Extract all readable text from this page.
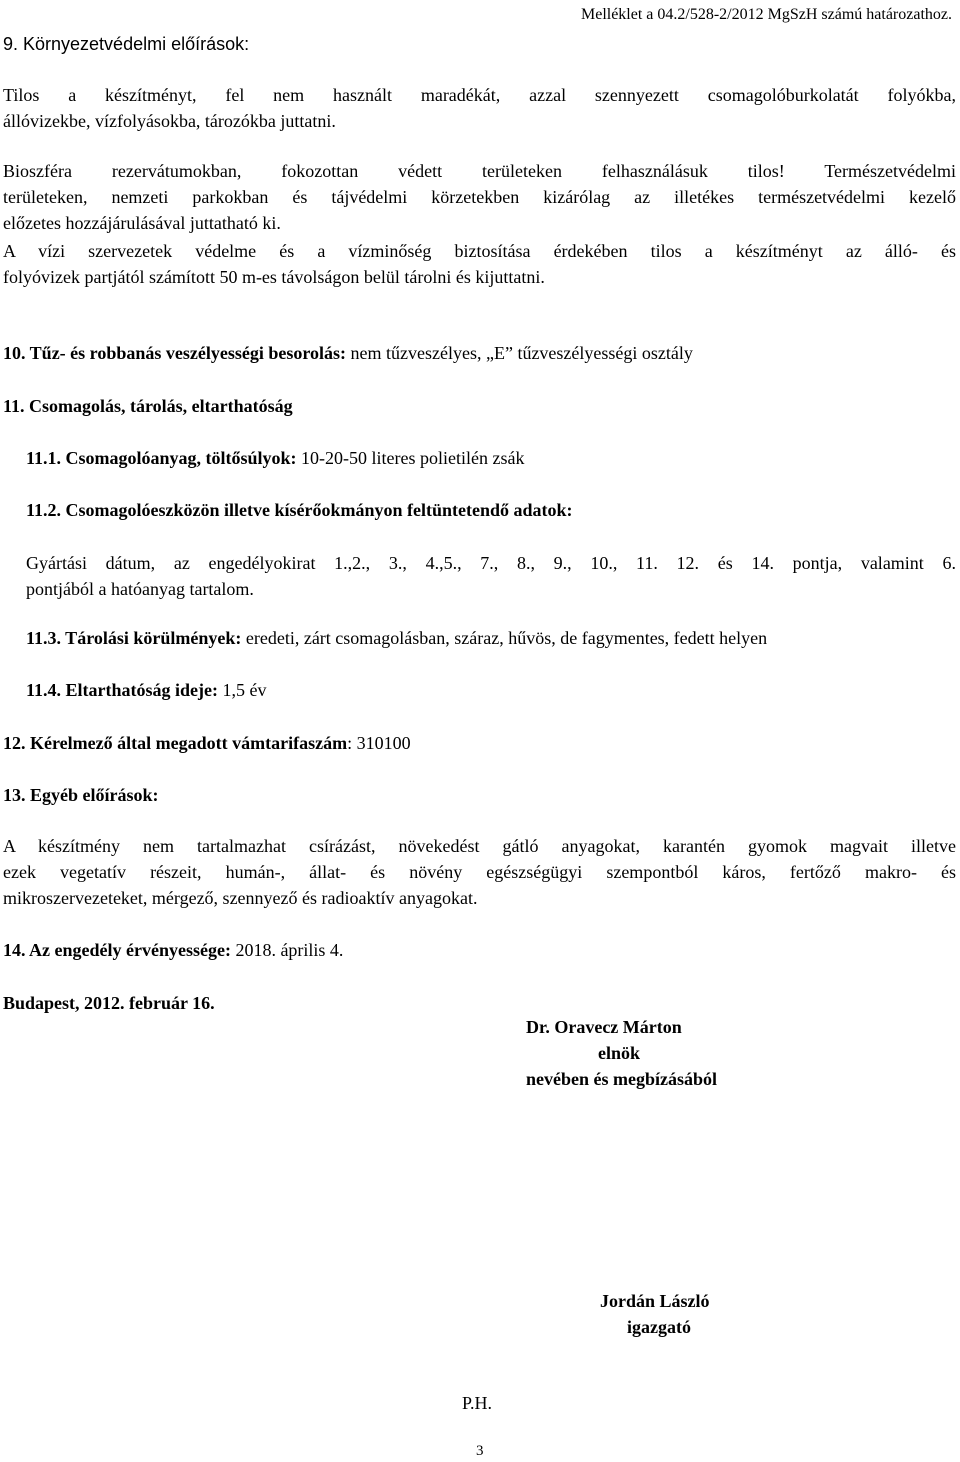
9. Környezetvédelmi előírások:

Melléklet a 04.2/528-2/2012 MgSzH számú határozathoz.

Tilos a készítményt, fel nem használt maradékát, azzal szennyezett csomagolóburkolatát folyókba,
állóvizekbe, vízfolyásokba, tározókba juttatni.
Bioszféra rezervátumokban, fokozottan védett területeken felhasználásuk tilos! Természetvédelmi
területeken, nemzeti parkokban és tájvédelmi körzetekben kizárólag az illetékes természetvédelmi kezelő
előzetes hozzájárulásával juttatható ki.
A vízi szervezetek védelme és a vízminőség biztosítása érdekében tilos a készítményt az álló- és
folyóvizek partjától számított 50 m-es távolságon belül tárolni és kijuttatni.

10. Tűz- és robbanás veszélyességi besorolás: nem tűzveszélyes, „E” tűzveszélyességi osztály

11. Csomagolás, tárolás, eltarthatóság

11.1. Csomagolóanyag, töltősúlyok: 10-20-50 literes polietilén zsák

11.2. Csomagolóeszközön illetve kísérőokmányon feltüntetendő adatok:

Gyártási dátum, az engedélyokirat 1.,2., 3., 4.,5., 7., 8., 9., 10., 11. 12. és 14. pontja, valamint 6.
pontjából a hatóanyag tartalom.

11.3. Tárolási körülmények: eredeti, zárt csomagolásban, száraz, hűvös, de fagymentes, fedett helyen

11.4. Eltarthatóság ideje: 1,5 év

12. Kérelmező által megadott vámtarifaszám: 310100

13. Egyéb előírások:

A készítmény nem tartalmazhat csírázást, növekedést gátló anyagokat, karantén gyomok magvait illetve
ezek vegetatív részeit, humán-, állat- és növény egészségügyi szempontból káros, fertőző makro- és
mikroszervezeteket, mérgező, szennyező és radioaktív anyagokat.

14. Az engedély érvényessége: 2018. április 4.

Budapest, 2012. február 16.

Dr. Oravecz Márton

elnök

nevében és megbízásából

Jordán László

igazgató

P.H.

3
